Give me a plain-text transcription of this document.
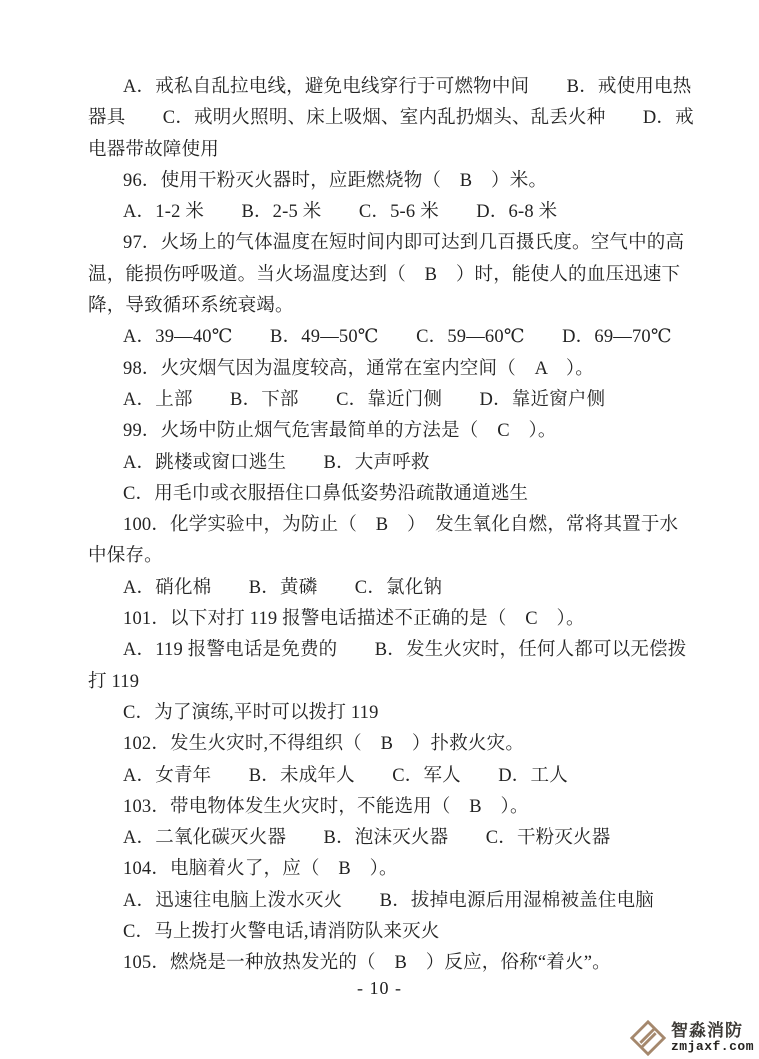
A．戒私自乱拉电线，避免电线穿行于可燃物中间　　B．戒使用电热
器具　　C．戒明火照明、床上吸烟、室内乱扔烟头、乱丢火种　　D．戒
电器带故障使用
96．使用干粉灭火器时，应距燃烧物（　B　）米。
A．1-2 米　　B．2-5 米　　C．5-6 米　　D．6-8 米
97．火场上的气体温度在短时间内即可达到几百摄氏度。空气中的高
温，能损伤呼吸道。当火场温度达到（　B　）时，能使人的血压迅速下
降，导致循环系统衰竭。
A．39—40℃　　B．49—50℃　　C．59—60℃　　D．69—70℃
98．火灾烟气因为温度较高，通常在室内空间（　A　）。
A．上部　　B．下部　　C．靠近门侧　　D．靠近窗户侧
99．火场中防止烟气危害最简单的方法是（　C　）。
A．跳楼或窗口逃生　　B．大声呼救
C．用毛巾或衣服捂住口鼻低姿势沿疏散通道逃生
100．化学实验中，为防止（　B　）　发生氧化自燃，常将其置于水
中保存。
A．硝化棉　　B．黄磷　　C．氯化钠
101．以下对打 119 报警电话描述不正确的是（　C　）。
A．119 报警电话是免费的　　B．发生火灾时，任何人都可以无偿拨
打 119
C．为了演练,平时可以拨打 119
102．发生火灾时,不得组织（　B　）扑救火灾。
A．女青年　　B．未成年人　　C．军人　　D．工人
103．带电物体发生火灾时，不能选用（　B　）。
A．二氧化碳灭火器　　B．泡沫灭火器　　C．干粉灭火器
104．电脑着火了，应（　B　）。
A．迅速往电脑上泼水灭火　　B．拔掉电源后用湿棉被盖住电脑
C．马上拨打火警电话,请消防队来灭火
105．燃烧是一种放热发光的（　B　）反应，俗称“着火”。
- 10 -
智淼消防
zmjaxf.com
